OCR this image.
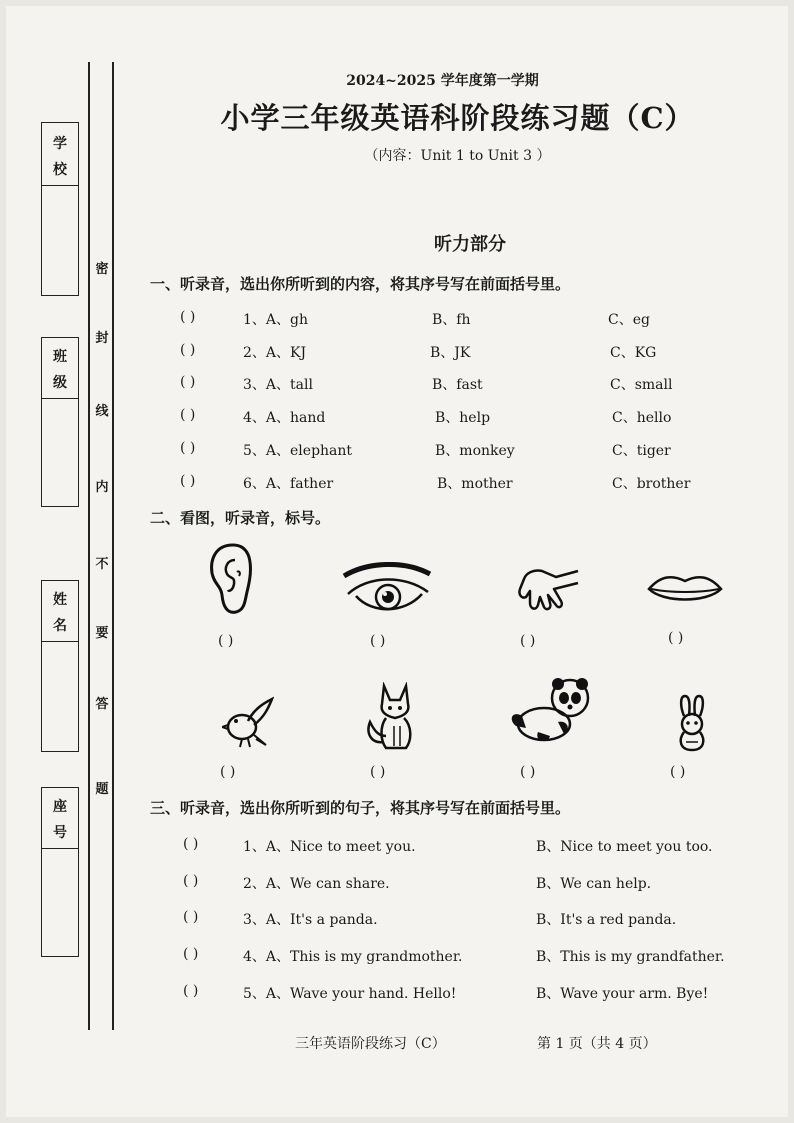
学
校
班
级
姓
名
座
号
密
封
线
内
不
要
答
题
2024~2025 学年度第一学期
小学三年级英语科阶段练习题（C）
（内容：Unit 1 to Unit 3 ）
听力部分
一、听录音，选出你所听到的内容，将其序号写在前面括号里。
( )	1、A、gh	B、fh	C、eg
( )	2、A、KJ	B、JK	C、KG
( )	3、A、tall	B、fast	C、small
( )	4、A、hand	B、help	C、hello
( )	5、A、elephant	B、monkey	C、tiger
( )	6、A、father	B、mother	C、brother
二、看图，听录音，标号。
( )	( )	( )	( )
( )	( )	( )	( )
三、听录音，选出你所听到的句子，将其序号写在前面括号里。
( )	1、A、Nice to meet you.	B、Nice to meet you too.
( )	2、A、We can share.	B、We can help.
( )	3、A、It's a panda.	B、It's a red panda.
( )	4、A、This is my grandmother.	B、This is my grandfather.
( )	5、A、Wave your hand. Hello!	B、Wave your arm. Bye!
三年英语阶段练习（C）	第 1 页（共 4 页）
